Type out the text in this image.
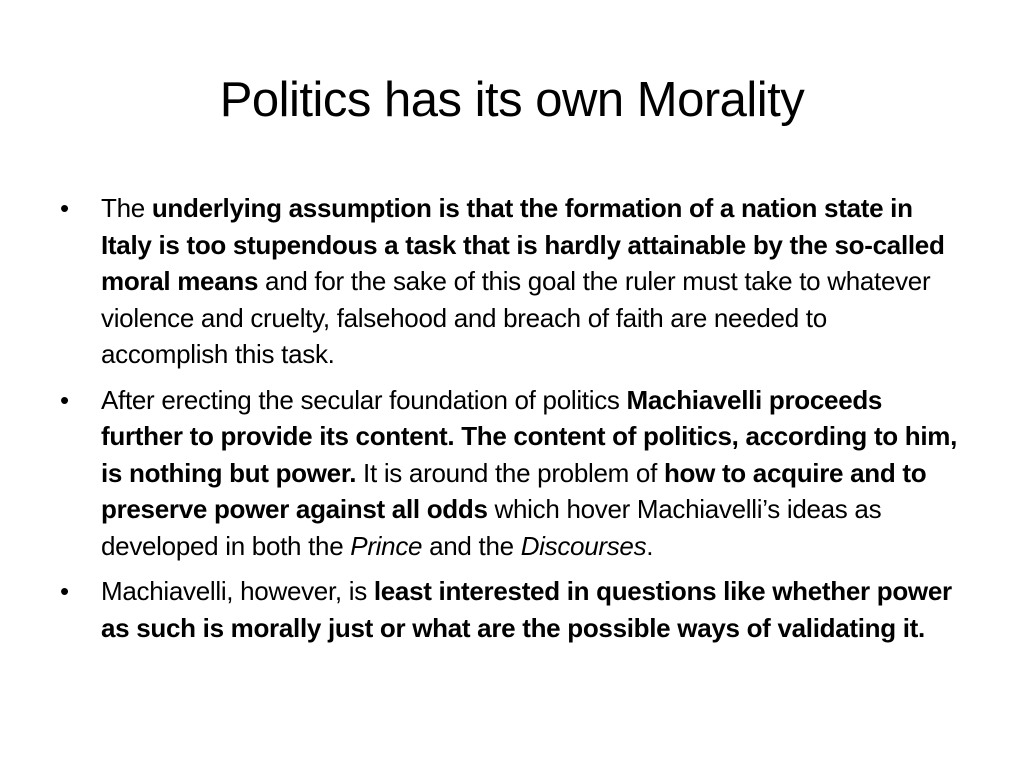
Politics has its own Morality
• The underlying assumption is that the formation of a nation state in Italy is too stupendous a task that is hardly attainable by the so-called moral means and for the sake of this goal the ruler must take to whatever violence and cruelty, falsehood and breach of faith are needed to accomplish this task.
• After erecting the secular foundation of politics Machiavelli proceeds further to provide its content. The content of politics, according to him, is nothing but power. It is around the problem of how to acquire and to preserve power against all odds which hover Machiavelli’s ideas as developed in both the Prince and the Discourses.
• Machiavelli, however, is least interested in questions like whether power as such is morally just or what are the possible ways of validating it.
